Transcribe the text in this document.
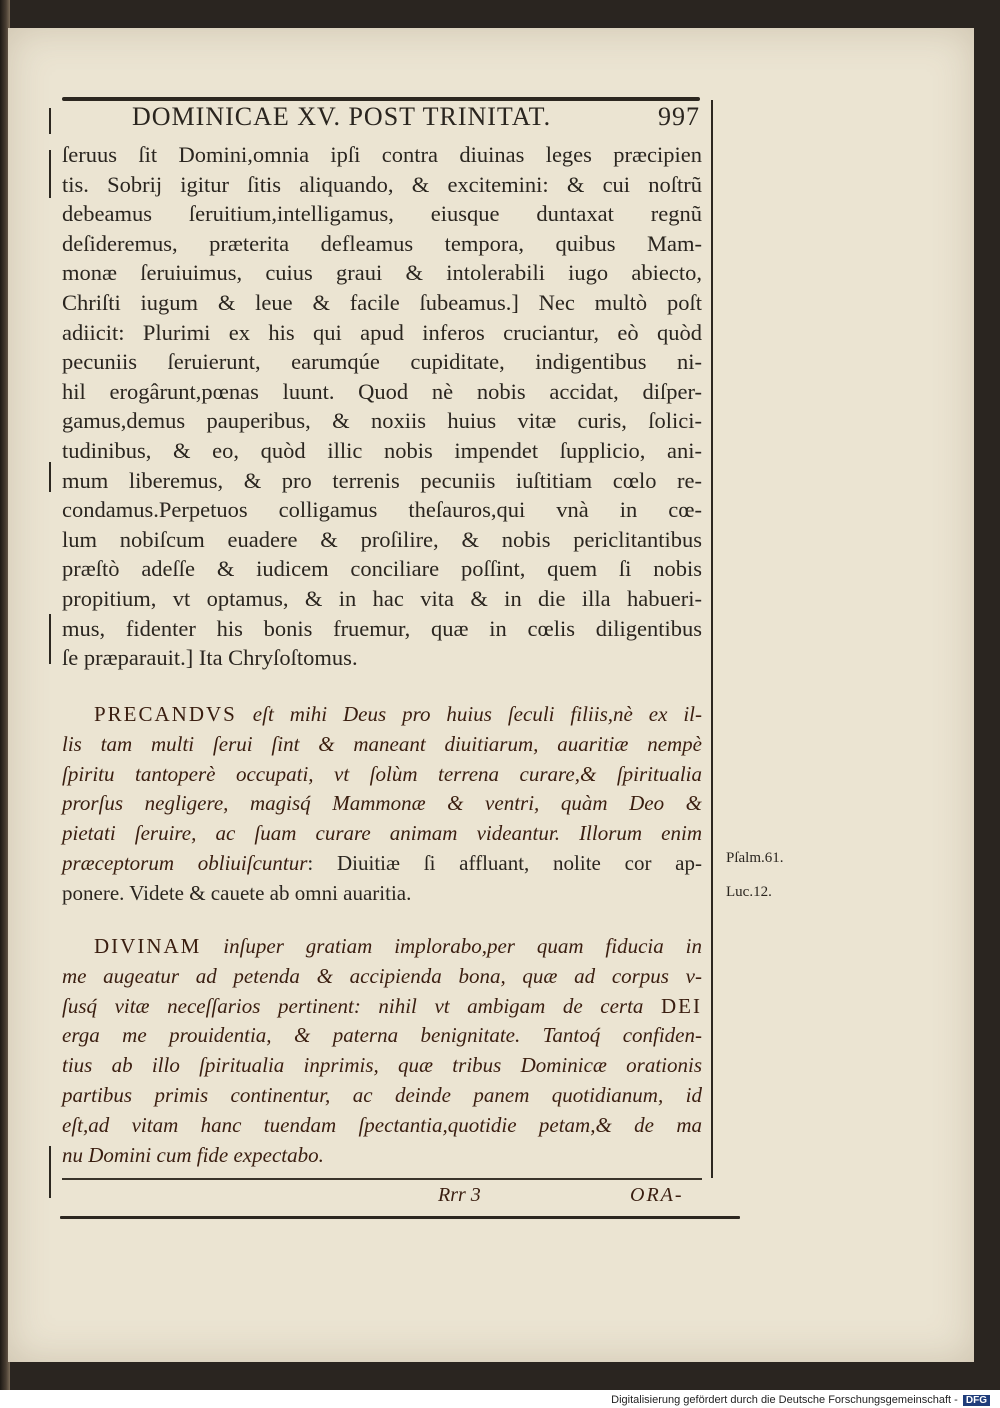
DOMINICAE XV. POST TRINITAT.	997
ſeruus ſit Domini,omnia ipſi contra diuinas leges præcipien
tis. Sobrij igitur ſitis aliquando, & excitemini: & cui noſtrũ
debeamus ſeruitium,intelligamus, eiusque duntaxat regnũ
deſideremus, præterita defleamus tempora, quibus Mam-
monæ ſeruiuimus, cuius graui & intolerabili iugo abiecto,
Chriſti iugum & leue & facile ſubeamus.] Nec multò poſt
adiicit: Plurimi ex his qui apud inferos cruciantur, eò quòd
pecuniis ſeruierunt, earumqúe cupiditate, indigentibus ni-
hil erogârunt,pœnas luunt. Quod nè nobis accidat, diſper-
gamus,demus pauperibus, & noxiis huius vitæ curis, ſolici-
tudinibus, & eo, quòd illic nobis impendet ſupplicio, ani-
mum liberemus, & pro terrenis pecuniis iuſtitiam cœlo re-
condamus.Perpetuos colligamus theſauros,qui vnà in cœ-
lum nobiſcum euadere & proſilire, & nobis periclitantibus
præſtò adeſſe & iudicem conciliare poſſint, quem ſi nobis
propitium, vt optamus, & in hac vita & in die illa habueri-
mus, fidenter his bonis fruemur, quæ in cœlis diligentibus
ſe præparauit.] Ita Chryſoſtomus.
PRECANDVS eſt mihi Deus pro huius ſeculi filiis,nè ex il-
lis tam multi ſerui ſint & maneant diuitiarum, auaritiæ nempè
ſpiritu tantoperè occupati, vt ſolùm terrena curare,& ſpiritualia
prorſus negligere, magisq́ Mammonæ & ventri, quàm Deo &
pietati ſeruire, ac ſuam curare animam videantur. Illorum enim
præceptorum obliuiſcuntur: Diuitiæ ſi affluant, nolite cor ap-
ponere. Videte & cauete ab omni auaritia.
Pſalm.61.
Luc.12.
DIVINAM inſuper gratiam implorabo,per quam fiducia in
me augeatur ad petenda & accipienda bona, quæ ad corpus v-
ſusq́ vitæ neceſſarios pertinent: nihil vt ambigam de certa DEI
erga me prouidentia, & paterna benignitate. Tantoq́ confiden-
tius ab illo ſpiritualia inprimis, quæ tribus Dominicæ orationis
partibus primis continentur, ac deinde panem quotidianum, id
eſt,ad vitam hanc tuendam ſpectantia,quotidie petam,& de ma
nu Domini cum fide expectabo.
Rrr 3	ORA-
Digitalisierung gefördert durch die Deutsche Forschungsgemeinschaft - DFG
